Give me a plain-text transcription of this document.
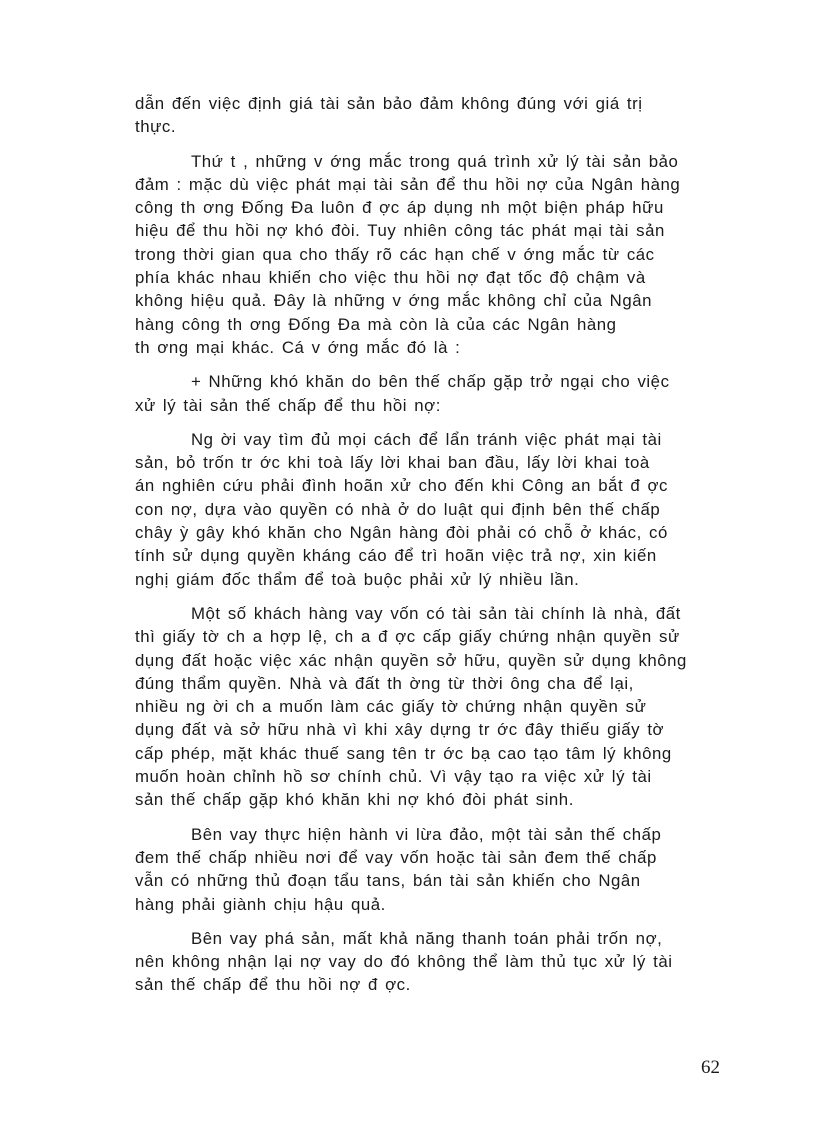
dẫn đến việc định giá tài sản bảo đảm không đúng với giá trị
thực.
Thứ t , những v ớng mắc trong quá trình xử lý tài sản bảo
đảm : mặc dù việc phát mại tài sản để thu hồi nợ của Ngân hàng
công th ơng Đống Đa luôn đ ợc áp dụng nh một biện pháp hữu
hiệu để thu hồi nợ khó đòi. Tuy nhiên công tác phát mại tài sản
trong thời gian qua cho thấy rõ các hạn chế v ớng mắc từ các
phía khác nhau khiến cho việc thu hồi nợ đạt tốc độ chậm và
không hiệu quả. Đây là những v ớng mắc không chỉ của Ngân
hàng công th ơng Đống Đa mà còn là của các Ngân hàng
th ơng mại khác. Cá v ớng mắc đó là :
+ Những khó khăn do bên thế chấp gặp trở ngại cho việc
xử lý tài sản thế chấp để thu hồi nợ:
Ng ời vay tìm đủ mọi cách để lẩn tránh việc phát mại tài
sản, bỏ trốn tr ớc khi toà lấy lời khai ban đầu, lấy lời khai toà
án nghiên cứu phải đình hoãn xử cho đến khi Công an bắt đ ợc
con nợ, dựa vào quyền có nhà ở do luật qui định bên thế chấp
chây ỳ gây khó khăn cho Ngân hàng đòi phải có chỗ ở khác, có
tính sử dụng quyền kháng cáo để trì hoãn việc trả nợ, xin kiến
nghị giám đốc thẩm để toà buộc phải xử lý nhiều lần.
Một số khách hàng vay vốn có tài sản tài chính là nhà, đất
thì giấy tờ ch a hợp lệ, ch a đ ợc cấp giấy chứng nhận quyền sử
dụng đất hoặc việc xác nhận quyền sở hữu, quyền sử dụng không
đúng thẩm quyền. Nhà và đất th ờng từ thời ông cha để lại,
nhiều ng ời ch a muốn làm các giấy tờ chứng nhận quyền sử
dụng đất và sở hữu nhà vì khi xây dựng tr ớc đây thiếu giấy tờ
cấp phép, mặt khác thuế sang tên tr ớc bạ cao tạo tâm lý không
muốn hoàn chỉnh hồ sơ chính chủ. Vì vậy tạo ra việc xử lý tài
sản thế chấp gặp khó khăn khi nợ khó đòi phát sinh.
Bên vay thực hiện hành vi lừa đảo, một tài sản thế chấp
đem thế chấp nhiều nơi để vay vốn hoặc tài sản đem thế chấp
vẫn có những thủ đoạn tẩu tans, bán tài sản khiến cho Ngân
hàng phải giành chịu hậu quả.
Bên vay phá sản, mất khả năng thanh toán phải trốn nợ,
nên không nhận lại nợ vay do đó không thể làm thủ tục xử lý tài
sản thế chấp để thu hồi nợ đ ợc.
62
